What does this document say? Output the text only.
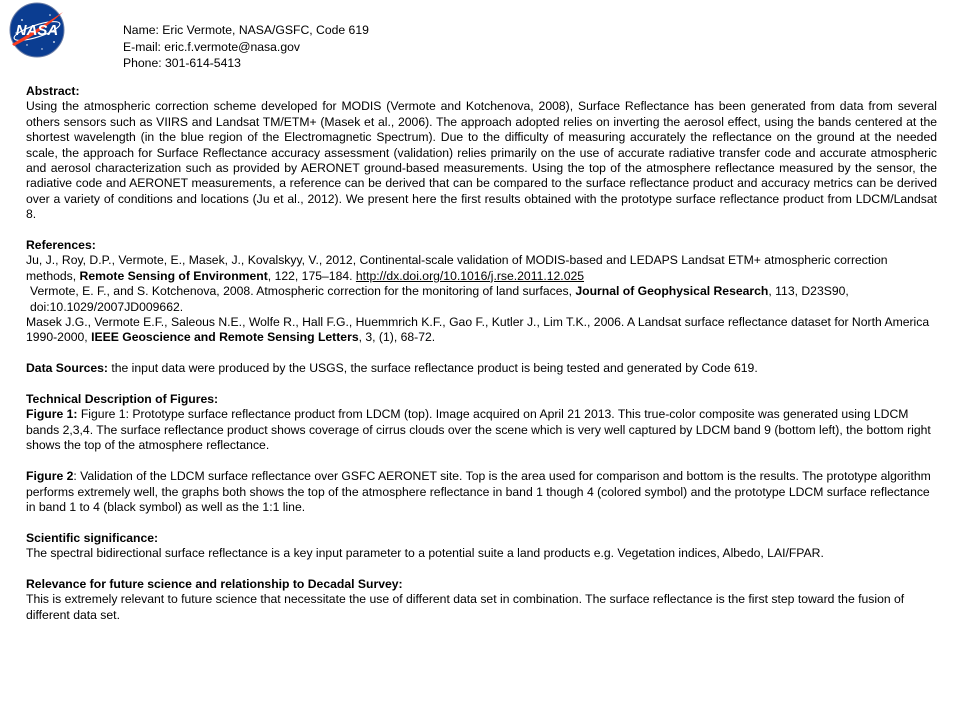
NASA	Name: Eric Vermote, NASA/GSFC, Code 619
E-mail: eric.f.vermote@nasa.gov
Phone: 301-614-5413
Abstract:
Using the atmospheric correction scheme developed for MODIS (Vermote and Kotchenova, 2008), Surface Reflectance has been generated from data from several others sensors such as VIIRS and Landsat TM/ETM+ (Masek et al., 2006). The approach adopted relies on inverting the aerosol effect, using the bands centered at the shortest wavelength (in the blue region of the Electromagnetic Spectrum). Due to the difficulty of measuring accurately the reflectance on the ground at the needed scale, the approach for Surface Reflectance accuracy assessment (validation) relies primarily on the use of accurate radiative transfer code and accurate atmospheric and aerosol characterization such as provided by AERONET ground-based measurements. Using the top of the atmosphere reflectance measured by the sensor, the radiative code and AERONET measurements, a reference can be derived that can be compared to the surface reflectance product and accuracy metrics can be derived over a variety of conditions and locations (Ju et al., 2012). We present here the first results obtained with the prototype surface reflectance product from LDCM/Landsat 8.
References:
Ju, J., Roy, D.P., Vermote, E., Masek, J., Kovalskyy, V., 2012, Continental-scale validation of MODIS-based and LEDAPS Landsat ETM+ atmospheric correction methods, Remote Sensing of Environment, 122, 175–184. http://dx.doi.org/10.1016/j.rse.2011.12.025
Vermote, E. F., and S. Kotchenova, 2008. Atmospheric correction for the monitoring of land surfaces, Journal of Geophysical Research, 113, D23S90, doi:10.1029/2007JD009662.
Masek J.G., Vermote E.F., Saleous N.E., Wolfe R., Hall F.G., Huemmrich K.F., Gao F., Kutler J., Lim T.K., 2006. A Landsat surface reflectance dataset for North America 1990-2000, IEEE Geoscience and Remote Sensing Letters, 3, (1), 68-72.
Data Sources: the input data were produced by the USGS, the surface reflectance product is being tested and generated by Code 619.
Technical Description of Figures:
Figure 1: Figure 1: Prototype surface reflectance product from LDCM (top). Image acquired on April 21 2013. This true-color composite was generated using LDCM bands 2,3,4. The surface reflectance product shows coverage of cirrus clouds over the scene which is very well captured by LDCM band 9 (bottom left), the bottom right shows the top of the atmosphere reflectance.
Figure 2: Validation of the LDCM surface reflectance over GSFC AERONET site. Top is the area used for comparison and bottom is the results. The prototype algorithm performs extremely well, the graphs both shows the top of the atmosphere reflectance in band 1 though 4 (colored symbol) and the prototype LDCM surface reflectance in band 1 to 4 (black symbol) as well as the 1:1 line.
Scientific significance:
The spectral bidirectional surface reflectance is a key input parameter to a potential suite a land products e.g. Vegetation indices, Albedo, LAI/FPAR.
Relevance for future science and relationship to Decadal Survey:
This is extremely relevant to future science that necessitate the use of different data set in combination. The surface reflectance is the first step toward the fusion of different data set.
